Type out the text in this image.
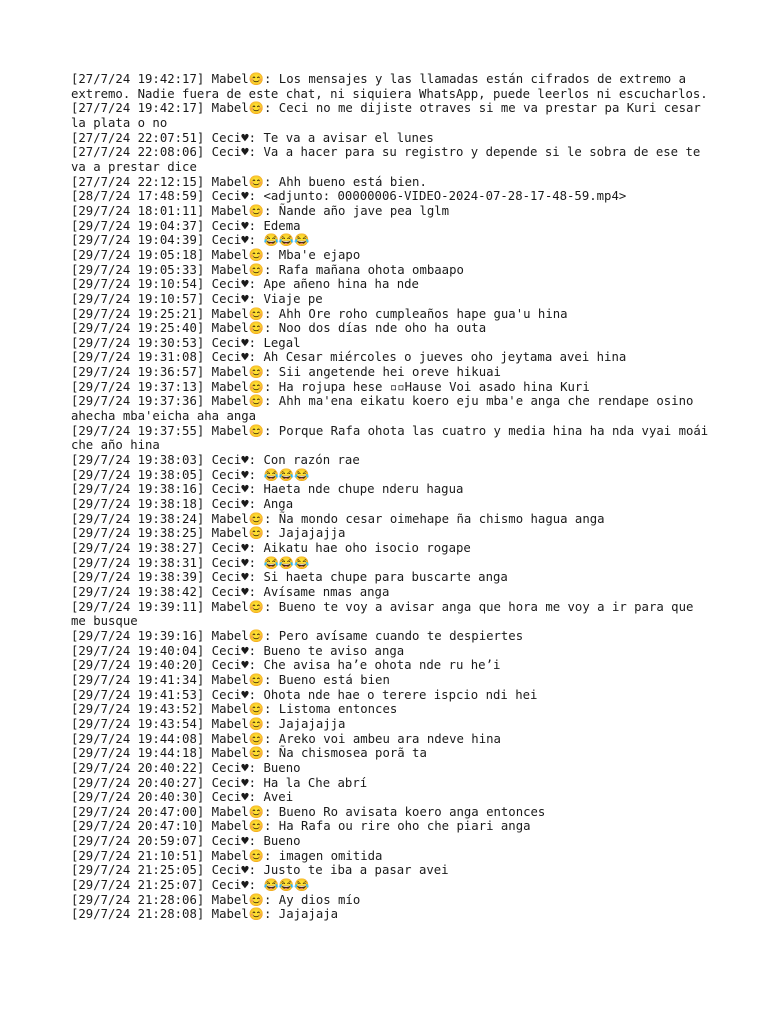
[27/7/24 19:42:17] Mabel😊: Los mensajes y las llamadas están cifrados de extremo a extremo. Nadie fuera de este chat, ni siquiera WhatsApp, puede leerlos ni escucharlos.
[27/7/24 19:42:17] Mabel😊: Ceci no me dijiste otraves si me va prestar pa Kuri cesar la plata o no
[27/7/24 22:07:51] Ceci♥: Te va a avisar el lunes
[27/7/24 22:08:06] Ceci♥: Va a hacer para su registro y depende si le sobra de ese te va a prestar dice
[27/7/24 22:12:15] Mabel😊: Ahh bueno está bien.
[28/7/24 17:48:59] Ceci♥: <adjunto: 00000006-VIDEO-2024-07-28-17-48-59.mp4>
[29/7/24 18:01:11] Mabel😊: Ñande año jave pea lglm
[29/7/24 19:04:37] Ceci♥: Edema
[29/7/24 19:04:39] Ceci♥: 😂😂😂
[29/7/24 19:05:18] Mabel😊: Mba'e ejapo
[29/7/24 19:05:33] Mabel😊: Rafa mañana ohota ombaapo
[29/7/24 19:10:54] Ceci♥: Ape añeno hina ha nde
[29/7/24 19:10:57] Ceci♥: Viaje pe
[29/7/24 19:25:21] Mabel😊: Ahh Ore roho cumpleaños hape gua'u hina
[29/7/24 19:25:40] Mabel😊: Noo dos días nde oho ha outa
[29/7/24 19:30:53] Ceci♥: Legal
[29/7/24 19:31:08] Ceci♥: Ah Cesar miércoles o jueves oho jeytama avei hina
[29/7/24 19:36:57] Mabel😊: Sii angetende hei oreve hikuai
[29/7/24 19:37:13] Mabel😊: Ha rojupa hese ▫▫Hause Voi asado hina Kuri
[29/7/24 19:37:36] Mabel😊: Ahh ma'ena eikatu koero eju mba'e anga che rendape osino ahecha mba'eicha aha anga
[29/7/24 19:37:55] Mabel😊: Porque Rafa ohota las cuatro y media hina ha nda vyai moái che año hina
[29/7/24 19:38:03] Ceci♥: Con razón rae
[29/7/24 19:38:05] Ceci♥: 😂😂😂
[29/7/24 19:38:16] Ceci♥: Haeta nde chupe nderu hagua
[29/7/24 19:38:18] Ceci♥: Anga
[29/7/24 19:38:24] Mabel😊: Ña mondo cesar oimehape ña chismo hagua anga
[29/7/24 19:38:25] Mabel😊: Jajajajja
[29/7/24 19:38:27] Ceci♥: Aikatu hae oho isocio rogape
[29/7/24 19:38:31] Ceci♥: 😂😂😂
[29/7/24 19:38:39] Ceci♥: Si haeta chupe para buscarte anga
[29/7/24 19:38:42] Ceci♥: Avísame nmas anga
[29/7/24 19:39:11] Mabel😊: Bueno te voy a avisar anga que hora me voy a ir para que me busque
[29/7/24 19:39:16] Mabel😊: Pero avísame cuando te despiertes
[29/7/24 19:40:04] Ceci♥: Bueno te aviso anga
[29/7/24 19:40:20] Ceci♥: Che avisa ha’e ohota nde ru he’i
[29/7/24 19:41:34] Mabel😊: Bueno está bien
[29/7/24 19:41:53] Ceci♥: Ohota nde hae o terere ispcio ndi hei
[29/7/24 19:43:52] Mabel😊: Listoma entonces
[29/7/24 19:43:54] Mabel😊: Jajajajja
[29/7/24 19:44:08] Mabel😊: Areko voi ambeu ara ndeve hina
[29/7/24 19:44:18] Mabel😊: Ña chismosea porã ta
[29/7/24 20:40:22] Ceci♥: Bueno
[29/7/24 20:40:27] Ceci♥: Ha la Che abrí
[29/7/24 20:40:30] Ceci♥: Avei
[29/7/24 20:47:00] Mabel😊: Bueno Ro avisata koero anga entonces
[29/7/24 20:47:10] Mabel😊: Ha Rafa ou rire oho che piari anga
[29/7/24 20:59:07] Ceci♥: Bueno
[29/7/24 21:10:51] Mabel😊: imagen omitida
[29/7/24 21:25:05] Ceci♥: Justo te iba a pasar avei
[29/7/24 21:25:07] Ceci♥: 😂😂😂
[29/7/24 21:28:06] Mabel😊: Ay dios mío
[29/7/24 21:28:08] Mabel😊: Jajajaja
